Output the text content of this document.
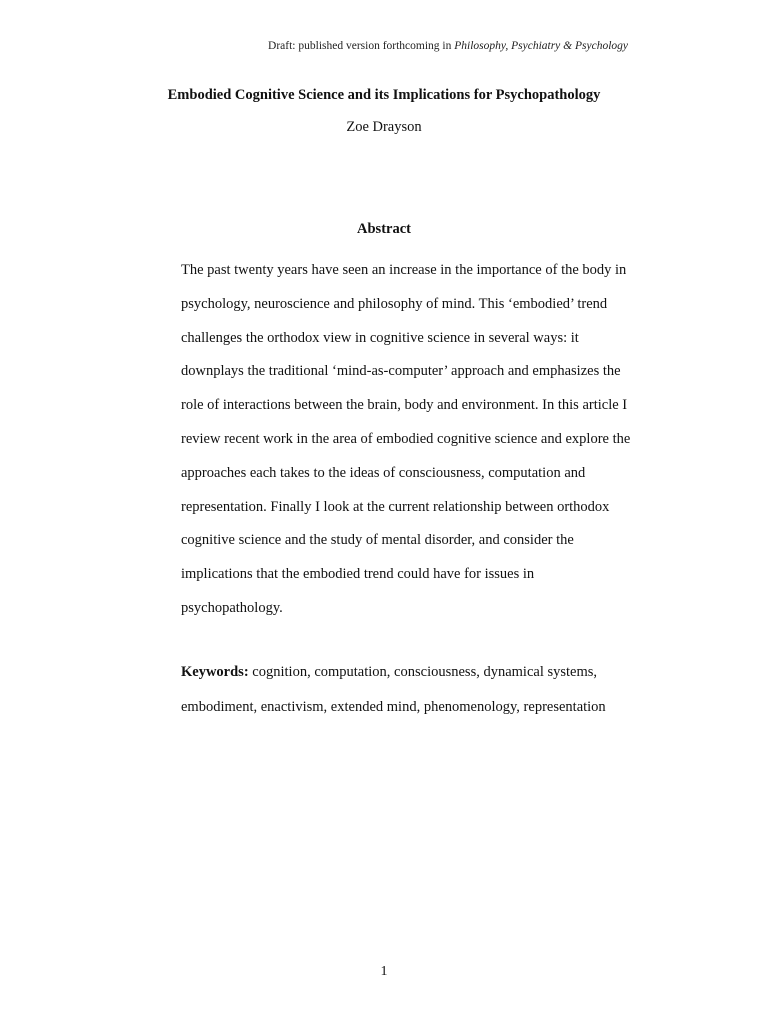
Draft: published version forthcoming in Philosophy, Psychiatry & Psychology
Embodied Cognitive Science and its Implications for Psychopathology
Zoe Drayson
Abstract

The past twenty years have seen an increase in the importance of the body in
psychology, neuroscience and philosophy of mind. This ‘embodied’ trend
challenges the orthodox view in cognitive science in several ways: it
downplays the traditional ‘mind-as-computer’ approach and emphasizes the
role of interactions between the brain, body and environment. In this article I
review recent work in the area of embodied cognitive science and explore the
approaches each takes to the ideas of consciousness, computation and
representation. Finally I look at the current relationship between orthodox
cognitive science and the study of mental disorder, and consider the
implications that the embodied trend could have for issues in
psychopathology.

Keywords: cognition, computation, consciousness, dynamical systems,
embodiment, enactivism, extended mind, phenomenology, representation

1
